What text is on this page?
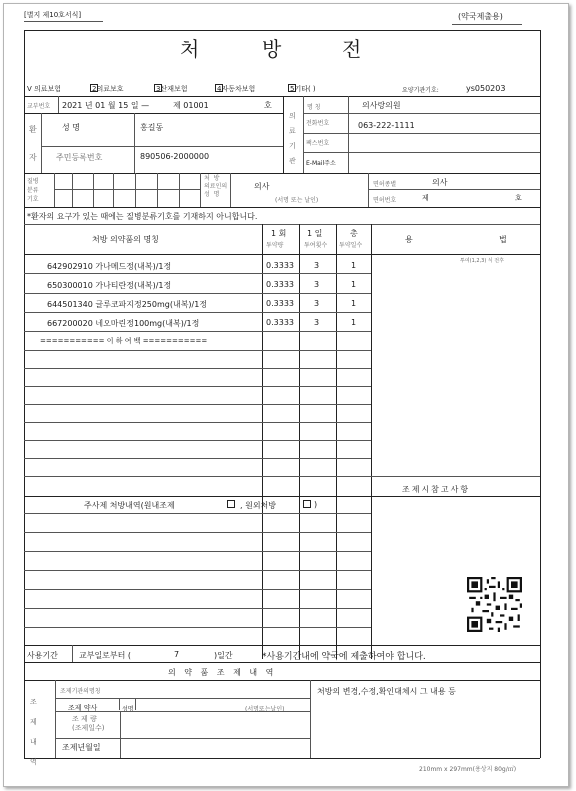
[별지 제10호서식]	(약국제출용)
처	방	전
V 의료보험	2의료보호	3산재보험	4자동차보험	5기타( )	요양기관기호:	ys050203
교부번호 2021 년 01 월 15 일 —	제 01001	호
의
료
기
관
명 칭	의사랑의원
전화번호	063-222-1111
팩스번호
E-Mail주소
환
자
성 명	홍길동
주민등록번호	890506-2000000
질병
분류
기호
처  방
의료인의
성  명
의사
(서명 또는 날인)
면허종별	의사
면허번호	제	호
*환자의 요구가 있는 때에는 질병분류기호를 기재하지 아니합니다.
처방 의약품의 명칭
1 회
투약량
1 일
투여횟수
총
투약일수
용	법
투여(1,2,3) 식 전후
642902910 가나메드정(내복)/1정	0.3333	3	1
650300010 가나티란정(내복)/1정	0.3333	3	1
644501340 글루코파지정250mg(내복)/1정	0.3333	3	1
667200020 네오마린정100mg(내복)/1정	0.3333	3	1
=========== 이 하 여 백 ===========
조제시참고사항
주사제 처방내역(원내조제	, 원외처방	)
사용기간	교부일로부터 (	7	)일간	*사용기간내에 약국에 제출하여야 합니다.
의 약 품 조 제 내 역
조
제
내
역
조제기관의명칭
조제 약사	성명	(서명또는날인)
조 제 량
(조제일수)
조제년월일
처방의 변경,수정,확인대체시 그 내용 등
210mm x 297mm(용상지 80g/㎡)
